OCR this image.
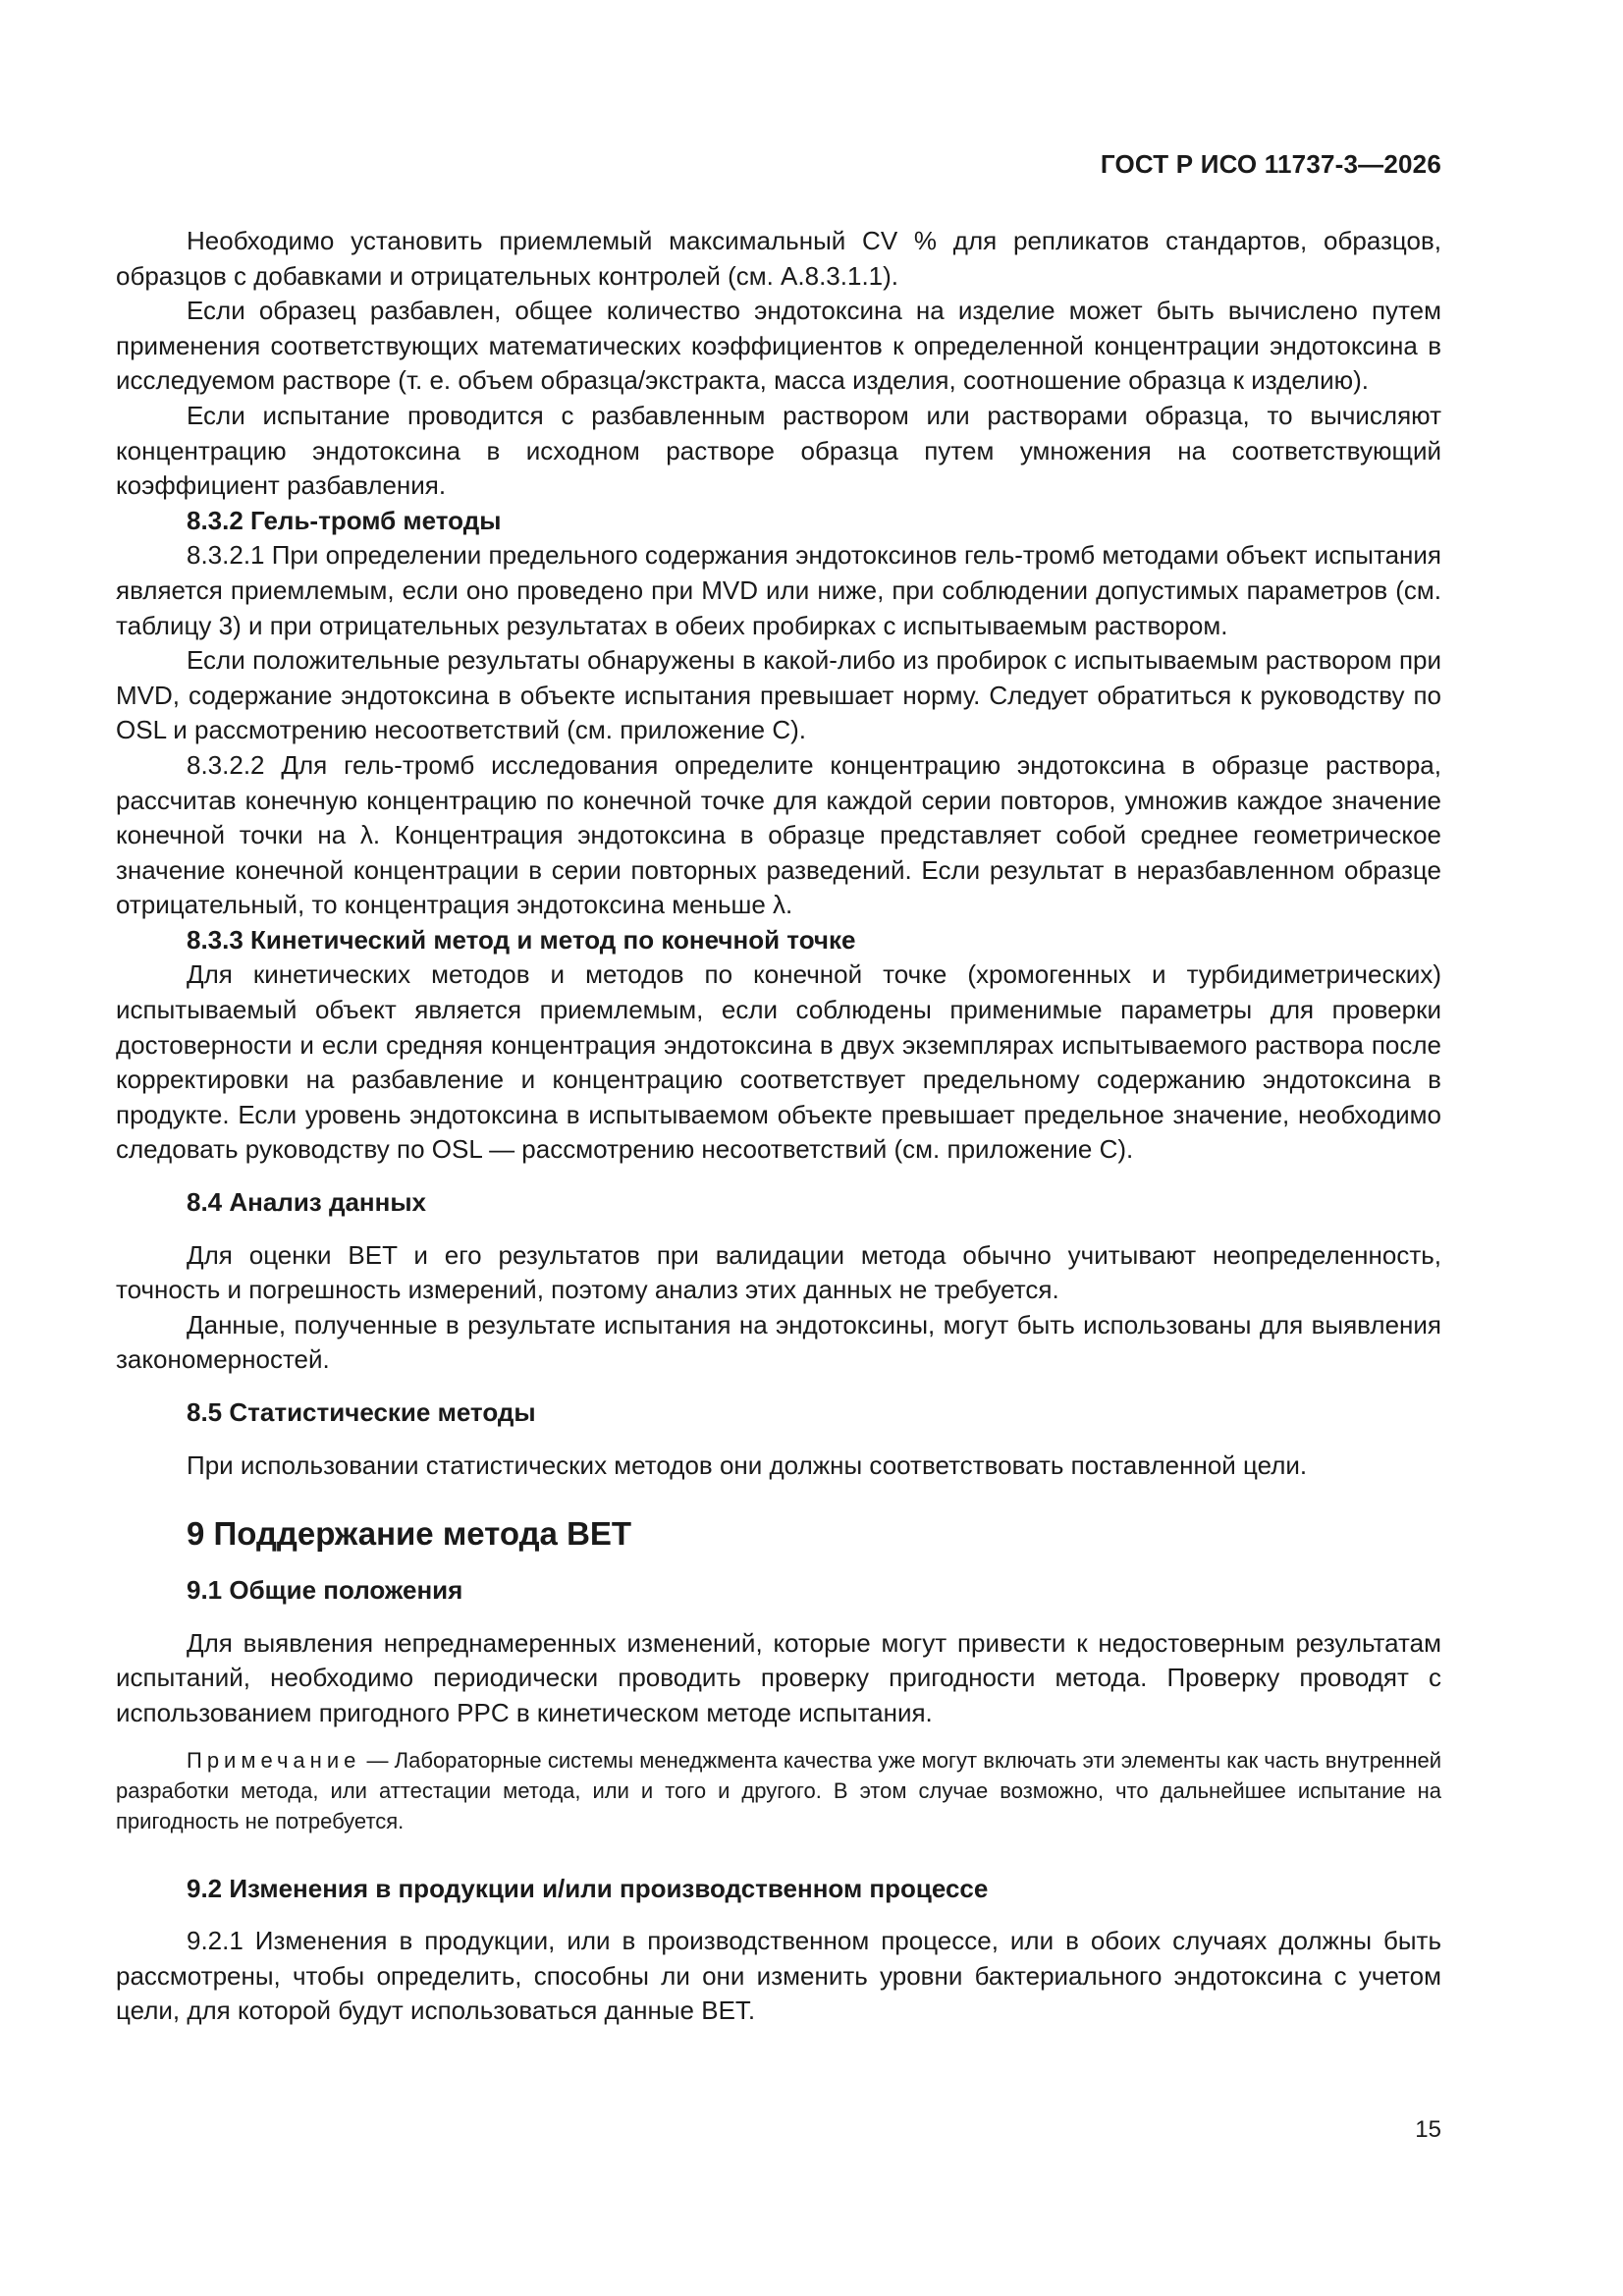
ГОСТ Р ИСО 11737-3—2026

Необходимо установить приемлемый максимальный CV % для репликатов стандартов, образцов, образцов с добавками и отрицательных контролей (см. А.8.3.1.1).

Если образец разбавлен, общее количество эндотоксина на изделие может быть вычислено путем применения соответствующих математических коэффициентов к определенной концентрации эндотоксина в исследуемом растворе (т. е. объем образца/экстракта, масса изделия, соотношение образца к изделию).

Если испытание проводится с разбавленным раствором или растворами образца, то вычисляют концентрацию эндотоксина в исходном растворе образца путем умножения на соответствующий коэффициент разбавления.

8.3.2 Гель-тромб методы

8.3.2.1 При определении предельного содержания эндотоксинов гель-тромб методами объект испытания является приемлемым, если оно проведено при MVD или ниже, при соблюдении допустимых параметров (см. таблицу 3) и при отрицательных результатах в обеих пробирках с испытываемым раствором.

Если положительные результаты обнаружены в какой-либо из пробирок с испытываемым раствором при MVD, содержание эндотоксина в объекте испытания превышает норму. Следует обратиться к руководству по OSL и рассмотрению несоответствий (см. приложение С).

8.3.2.2 Для гель-тромб исследования определите концентрацию эндотоксина в образце раствора, рассчитав конечную концентрацию по конечной точке для каждой серии повторов, умножив каждое значение конечной точки на λ. Концентрация эндотоксина в образце представляет собой среднее геометрическое значение конечной концентрации в серии повторных разведений. Если результат в неразбавленном образце отрицательный, то концентрация эндотоксина меньше λ.

8.3.3 Кинетический метод и метод по конечной точке

Для кинетических методов и методов по конечной точке (хромогенных и турбидиметрических) испытываемый объект является приемлемым, если соблюдены применимые параметры для проверки достоверности и если средняя концентрация эндотоксина в двух экземплярах испытываемого раствора после корректировки на разбавление и концентрацию соответствует предельному содержанию эндотоксина в продукте. Если уровень эндотоксина в испытываемом объекте превышает предельное значение, необходимо следовать руководству по OSL — рассмотрению несоответствий (см. приложение С).

8.4 Анализ данных

Для оценки BET и его результатов при валидации метода обычно учитывают неопределенность, точность и погрешность измерений, поэтому анализ этих данных не требуется.

Данные, полученные в результате испытания на эндотоксины, могут быть использованы для выявления закономерностей.

8.5 Статистические методы

При использовании статистических методов они должны соответствовать поставленной цели.

9 Поддержание метода BET

9.1 Общие положения

Для выявления непреднамеренных изменений, которые могут привести к недостоверным результатам испытаний, необходимо периодически проводить проверку пригодности метода. Проверку проводят с использованием пригодного PPC в кинетическом методе испытания.

Примечание — Лабораторные системы менеджмента качества уже могут включать эти элементы как часть внутренней разработки метода, или аттестации метода, или и того и другого. В этом случае возможно, что дальнейшее испытание на пригодность не потребуется.

9.2 Изменения в продукции и/или производственном процессе

9.2.1 Изменения в продукции, или в производственном процессе, или в обоих случаях должны быть рассмотрены, чтобы определить, способны ли они изменить уровни бактериального эндотоксина с учетом цели, для которой будут использоваться данные BET.

15
